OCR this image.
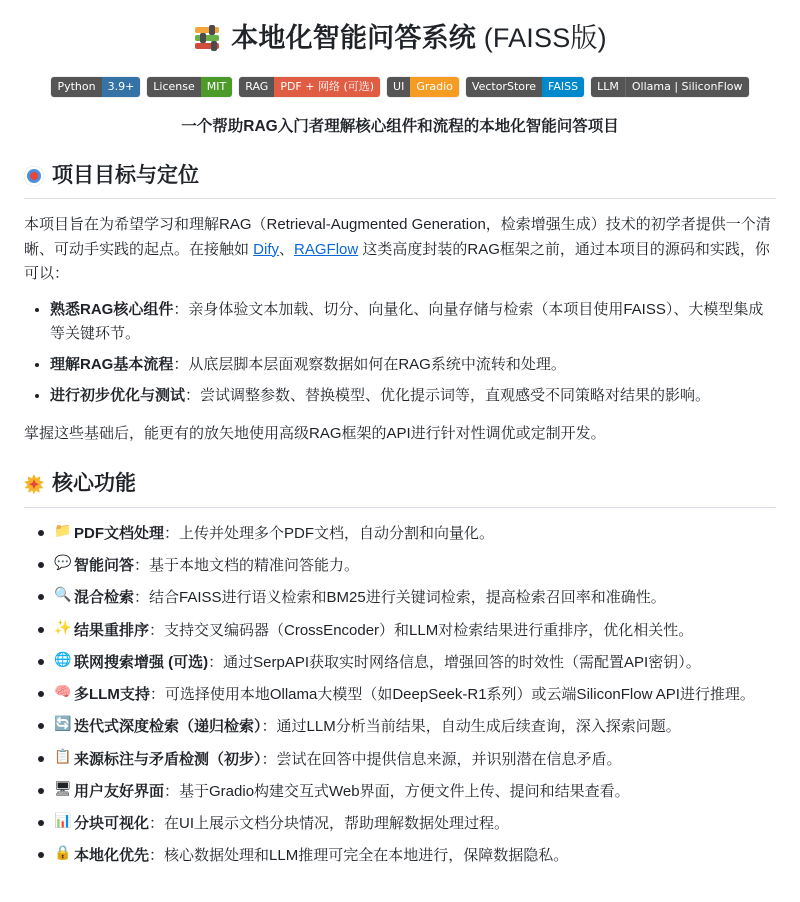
本地化智能问答系统 (FAISS版)
Python	3.9+	License	MIT	RAG	PDF + 网络 (可选)	UI	Gradio	VectorStore	FAISS	LLM	Ollama | SiliconFlow
一个帮助RAG入门者理解核心组件和流程的本地化智能问答项目
项目目标与定位

本项目旨在为希望学习和理解RAG（Retrieval-Augmented Generation，检索增强生成）技术的初学者提供一个清晰、可动手实践的起点。在接触如 Dify、RAGFlow 这类高度封装的RAG框架之前，通过本项目的源码和实践，你可以：

• 熟悉RAG核心组件：亲身体验文本加载、切分、向量化、向量存储与检索（本项目使用FAISS）、大模型集成等关键环节。
• 理解RAG基本流程：从底层脚本层面观察数据如何在RAG系统中流转和处理。
• 进行初步优化与测试：尝试调整参数、替换模型、优化提示词等，直观感受不同策略对结果的影响。

掌握这些基础后，能更有的放矢地使用高级RAG框架的API进行针对性调优或定制开发。

核心功能
📁 PDF文档处理：上传并处理多个PDF文档，自动分割和向量化。
💬 智能问答：基于本地文档的精准问答能力。
🔍 混合检索：结合FAISS进行语义检索和BM25进行关键词检索，提高检索召回率和准确性。
✨ 结果重排序：支持交叉编码器（CrossEncoder）和LLM对检索结果进行重排序，优化相关性。
🌐 联网搜索增强 (可选)：通过SerpAPI获取实时网络信息，增强回答的时效性（需配置API密钥）。
🧠 多LLM支持：可选择使用本地Ollama大模型（如DeepSeek-R1系列）或云端SiliconFlow API进行推理。
🔄 迭代式深度检索（递归检索）：通过LLM分析当前结果，自动生成后续查询，深入探索问题。
📋 来源标注与矛盾检测（初步）：尝试在回答中提供信息来源，并识别潜在信息矛盾。
🖥 用户友好界面：基于Gradio构建交互式Web界面，方便文件上传、提问和结果查看。
📊 分块可视化：在UI上展示文档分块情况，帮助理解数据处理过程。
🔒 本地化优先：核心数据处理和LLM推理可完全在本地进行，保障数据隐私。
